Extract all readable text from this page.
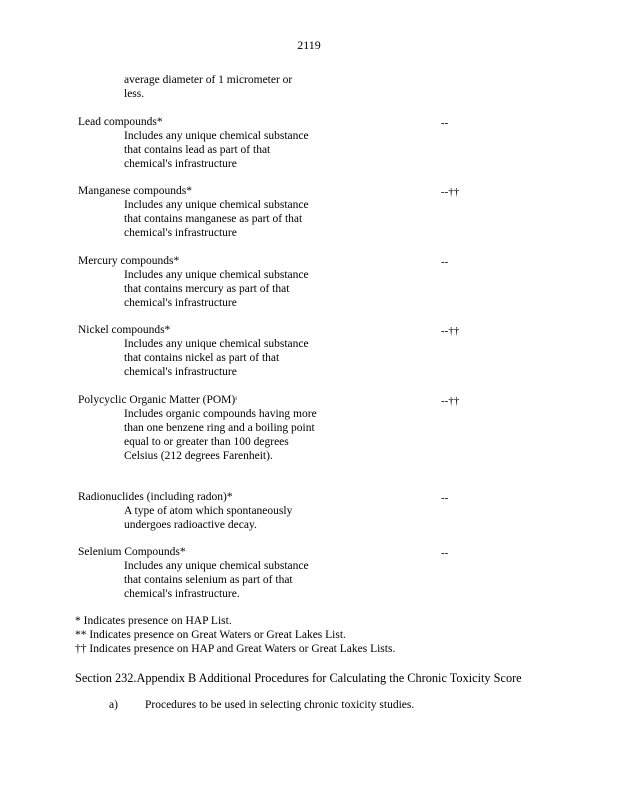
2119
average diameter of 1 micrometer or less.
Lead compounds*
Includes any unique chemical substance that contains lead as part of that chemical's infrastructure
--
Manganese compounds*
Includes any unique chemical substance that contains manganese as part of that chemical's infrastructure
--††
Mercury compounds*
Includes any unique chemical substance that contains mercury as part of that chemical's infrastructure
--
Nickel compounds*
Includes any unique chemical substance that contains nickel as part of that chemical's infrastructure
--††
Polycyclic Organic Matter (POM)$^i$
Includes organic compounds having more than one benzene ring and a boiling point equal to or greater than 100 degrees Celsius (212 degrees Farenheit).
--††
Radionuclides (including radon)*
A type of atom which spontaneously undergoes radioactive decay.
--
Selenium Compounds*
Includes any unique chemical substance that contains selenium as part of that chemical's infrastructure.
--
* Indicates presence on HAP List.
** Indicates presence on Great Waters or Great Lakes List.
†† Indicates presence on HAP and Great Waters or Great Lakes Lists.
Section 232.Appendix B Additional Procedures for Calculating the Chronic Toxicity Score
a) Procedures to be used in selecting chronic toxicity studies.
